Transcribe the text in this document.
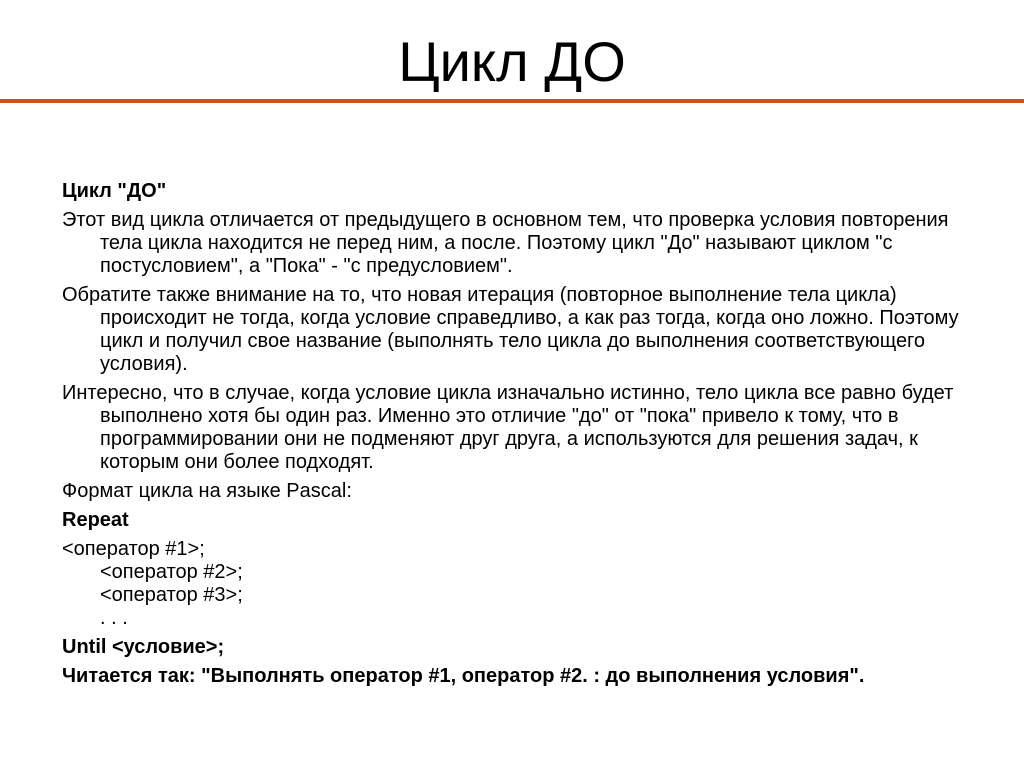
Цикл ДО
Цикл "ДО"
Этот вид цикла отличается от предыдущего в основном тем, что проверка условия повторения тела цикла находится не перед ним, а после. Поэтому цикл "До" называют циклом "с постусловием", а "Пока" - "с предусловием".
Обратите также внимание на то, что новая итерация (повторное выполнение тела цикла) происходит не тогда, когда условие справедливо, а как раз тогда, когда оно ложно. Поэтому цикл и получил свое название (выполнять тело цикла до выполнения соответствующего условия).
Интересно, что в случае, когда условие цикла изначально истинно, тело цикла все равно будет выполнено хотя бы один раз. Именно это отличие "до" от "пока" привело к тому, что в программировании они не подменяют друг друга, а используются для решения задач, к которым они более подходят.
Формат цикла на языке Pascal:
Repeat
<оператор #1>;
<оператор #2>;
<оператор #3>;
. . .
Until <условие>;
Читается так: "Выполнять оператор #1, оператор #2. : до выполнения условия".
